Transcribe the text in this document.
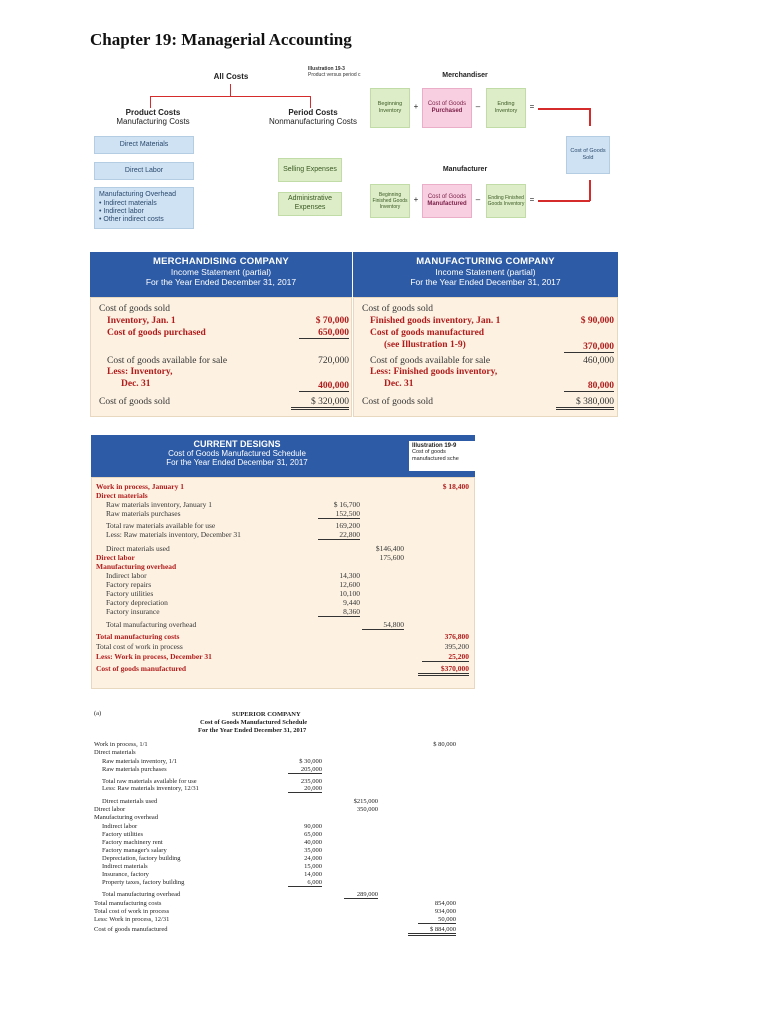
Chapter 19: Managerial Accounting
All Costs
Illustration 19-3
Product versus period c
Product Costs
Manufacturing Costs
Period Costs
Nonmanufacturing Costs
Direct Materials
Direct Labor
Manufacturing Overhead
• Indirect materials
• Indirect labor
• Other indirect costs
Selling Expenses
Administrative Expenses
Merchandiser
Manufacturer
Beginning Inventory	+	Cost of Goods
Purchased	–	Ending Inventory	=
Beginning Finished Goods Inventory
+	Cost of Goods
Manufactured	–	Ending Finished Goods Inventory =
Cost of Goods Sold
MERCHANDISING COMPANY
Income Statement (partial)
For the Year Ended December 31, 2017
Cost of goods sold
Inventory, Jan. 1	$ 70,000
Cost of goods purchased	650,000
Cost of goods available for sale	720,000
Less: Inventory,
Dec. 31	400,000
Cost of goods sold	$ 320,000
MANUFACTURING COMPANY
Income Statement (partial)
For the Year Ended December 31, 2017
Cost of goods sold
Finished goods inventory, Jan. 1	$ 90,000
Cost of goods manufactured
(see Illustration 1-9)	370,000
Cost of goods available for sale	460,000
Less: Finished goods inventory,
Dec. 31	80,000
Cost of goods sold	$ 380,000
CURRENT DESIGNS
Cost of Goods Manufactured Schedule
For the Year Ended December 31, 2017
Illustration 19-9
Cost of goods manufactured sche
Work in process, January 1	$ 18,400
Direct materials
Raw materials inventory, January 1	$ 16,700
Raw materials purchases	152,500
Total raw materials available for use	169,200
Less: Raw materials inventory, December 31	22,800
Direct materials used	$146,400
Direct labor	175,600
Manufacturing overhead
Indirect labor	14,300
Factory repairs	12,600
Factory utilities	10,100
Factory depreciation	9,440
Factory insurance	8,360
Total manufacturing overhead	54,800
Total manufacturing costs	376,800
Total cost of work in process	395,200
Less: Work in process, December 31	25,200
Cost of goods manufactured	$370,000
(a)	SUPERIOR COMPANY
Cost of Goods Manufactured Schedule
For the Year Ended December 31, 2017
Work in process, 1/1	$ 80,000
Direct materials
Raw materials inventory, 1/1	$ 30,000
Raw materials purchases	205,000
Total raw materials available for use	235,000
Less: Raw materials inventory, 12/31	20,000
Direct materials used	$215,000
Direct labor	350,000
Manufacturing overhead
Indirect labor	90,000
Factory utilities	65,000
Factory machinery rent	40,000
Factory manager's salary	35,000
Depreciation, factory building	24,000
Indirect materials	15,000
Insurance, factory	14,000
Property taxes, factory building	6,000
Total manufacturing overhead	289,000
Total manufacturing costs	854,000
Total cost of work in process	934,000
Less: Work in process, 12/31	50,000
Cost of goods manufactured	$ 884,000
